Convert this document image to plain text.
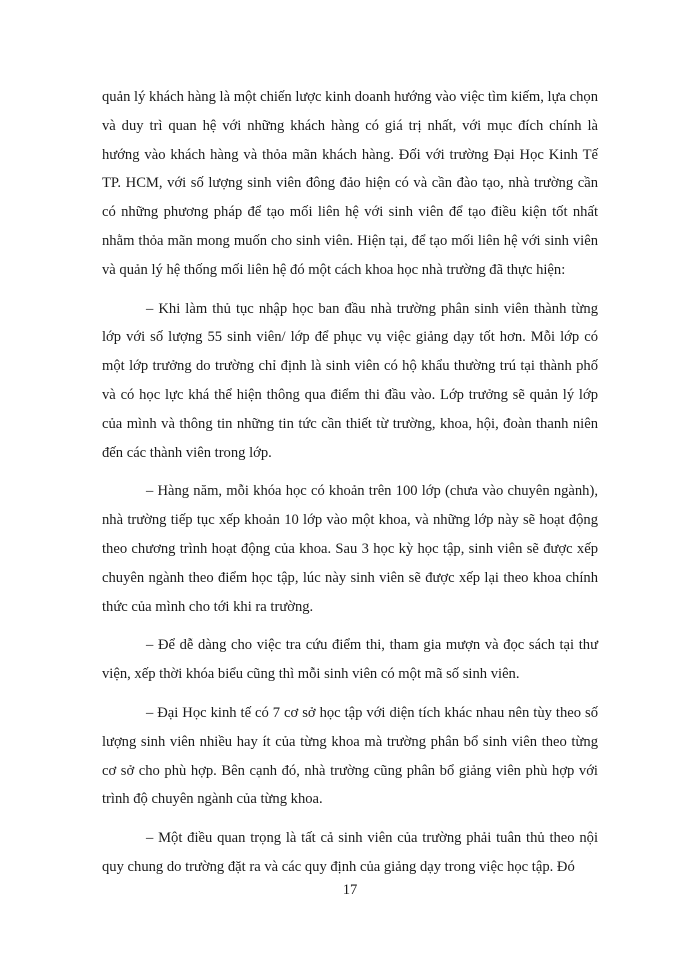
quản lý khách hàng là một chiến lược kinh doanh hướng vào việc tìm kiếm, lựa chọn và duy trì quan hệ với những khách hàng có giá trị nhất, với mục đích chính là hướng vào khách hàng và thỏa mãn khách hàng. Đối với trường Đại Học Kinh Tế TP. HCM, với số lượng sinh viên đông đảo hiện có và cần đào tạo, nhà trường cần có những phương pháp để tạo mối liên hệ với sinh viên để tạo điều kiện tốt nhất nhằm thỏa mãn mong muốn cho sinh viên. Hiện tại, để tạo mối liên hệ với sinh viên và quản lý hệ thống mối liên hệ đó một cách khoa học nhà trường đã thực hiện:

– Khi làm thủ tục nhập học ban đầu nhà trường phân sinh viên thành từng lớp với số lượng 55 sinh viên/ lớp để phục vụ việc giảng dạy tốt hơn. Mỗi lớp có một lớp trưởng do trường chỉ định là sinh viên có hộ khẩu thường trú tại thành phố và có học lực khá thể hiện thông qua điểm thi đầu vào. Lớp trưởng sẽ quản lý lớp của mình và thông tin những tin tức cần thiết từ trường, khoa, hội, đoàn thanh niên đến các thành viên trong lớp.

– Hàng năm, mỗi khóa học có khoản trên 100 lớp (chưa vào chuyên ngành), nhà trường tiếp tục xếp khoản 10 lớp vào một khoa, và những lớp này sẽ hoạt động theo chương trình hoạt động của khoa. Sau 3 học kỳ học tập, sinh viên sẽ được xếp chuyên ngành theo điểm học tập, lúc này sinh viên sẽ được xếp lại theo khoa chính thức của mình cho tới khi ra trường.

– Để dễ dàng cho việc tra cứu điểm thi, tham gia mượn và đọc sách tại thư viện, xếp thời khóa biểu cũng thì mỗi sinh viên có một mã số sinh viên.

– Đại Học kinh tế có 7 cơ sở học tập với diện tích khác nhau nên tùy theo số lượng sinh viên nhiều hay ít của từng khoa mà trường phân bổ sinh viên theo từng cơ sở cho phù hợp. Bên cạnh đó, nhà trường cũng phân bổ giảng viên phù hợp với trình độ chuyên ngành của từng khoa.

– Một điều quan trọng là tất cả sinh viên của trường phải tuân thủ theo nội quy chung do trường đặt ra và các quy định của giảng dạy trong việc học tập. Đó

17
